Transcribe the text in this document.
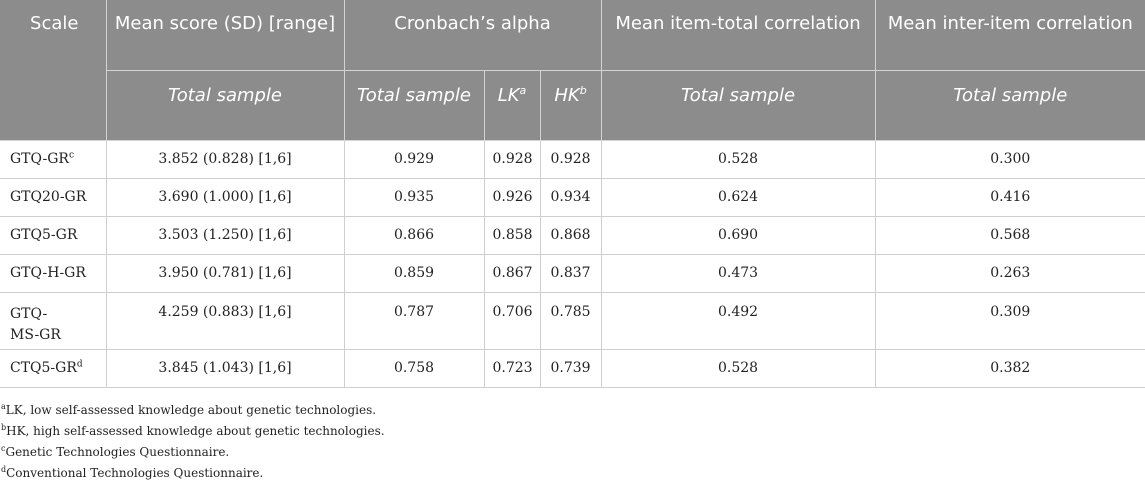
Scale	Mean score (SD) [range]	Cronbach’s alpha			Mean item-total correlation	Mean inter-item correlation
	Total sample	Total sample	$LK^a$	$HK^b$	Total sample	Total sample
GTQ-$GR^c$	3.852 (0.828) [1,6]	0.929	0.928	0.928	0.528	0.300
GTQ20-GR	3.690 (1.000) [1,6]	0.935	0.926	0.934	0.624	0.416
GTQ5-GR	3.503 (1.250) [1,6]	0.866	0.858	0.868	0.690	0.568
GTQ-H-GR	3.950 (0.781) [1,6]	0.859	0.867	0.837	0.473	0.263
GTQ-
MS-GR	4.259 (0.883) [1,6]	0.787	0.706	0.785	0.492	0.309
$CTQ5-GR^d$	3.845 (1.043) [1,6]	0.758	0.723	0.739	0.528	0.382
$^a$LK, low self-assessed knowledge about genetic technologies.
$^b$HK, high self-assessed knowledge about genetic technologies.
$^c$Genetic Technologies Questionnaire.
$^d$Conventional Technologies Questionnaire.
